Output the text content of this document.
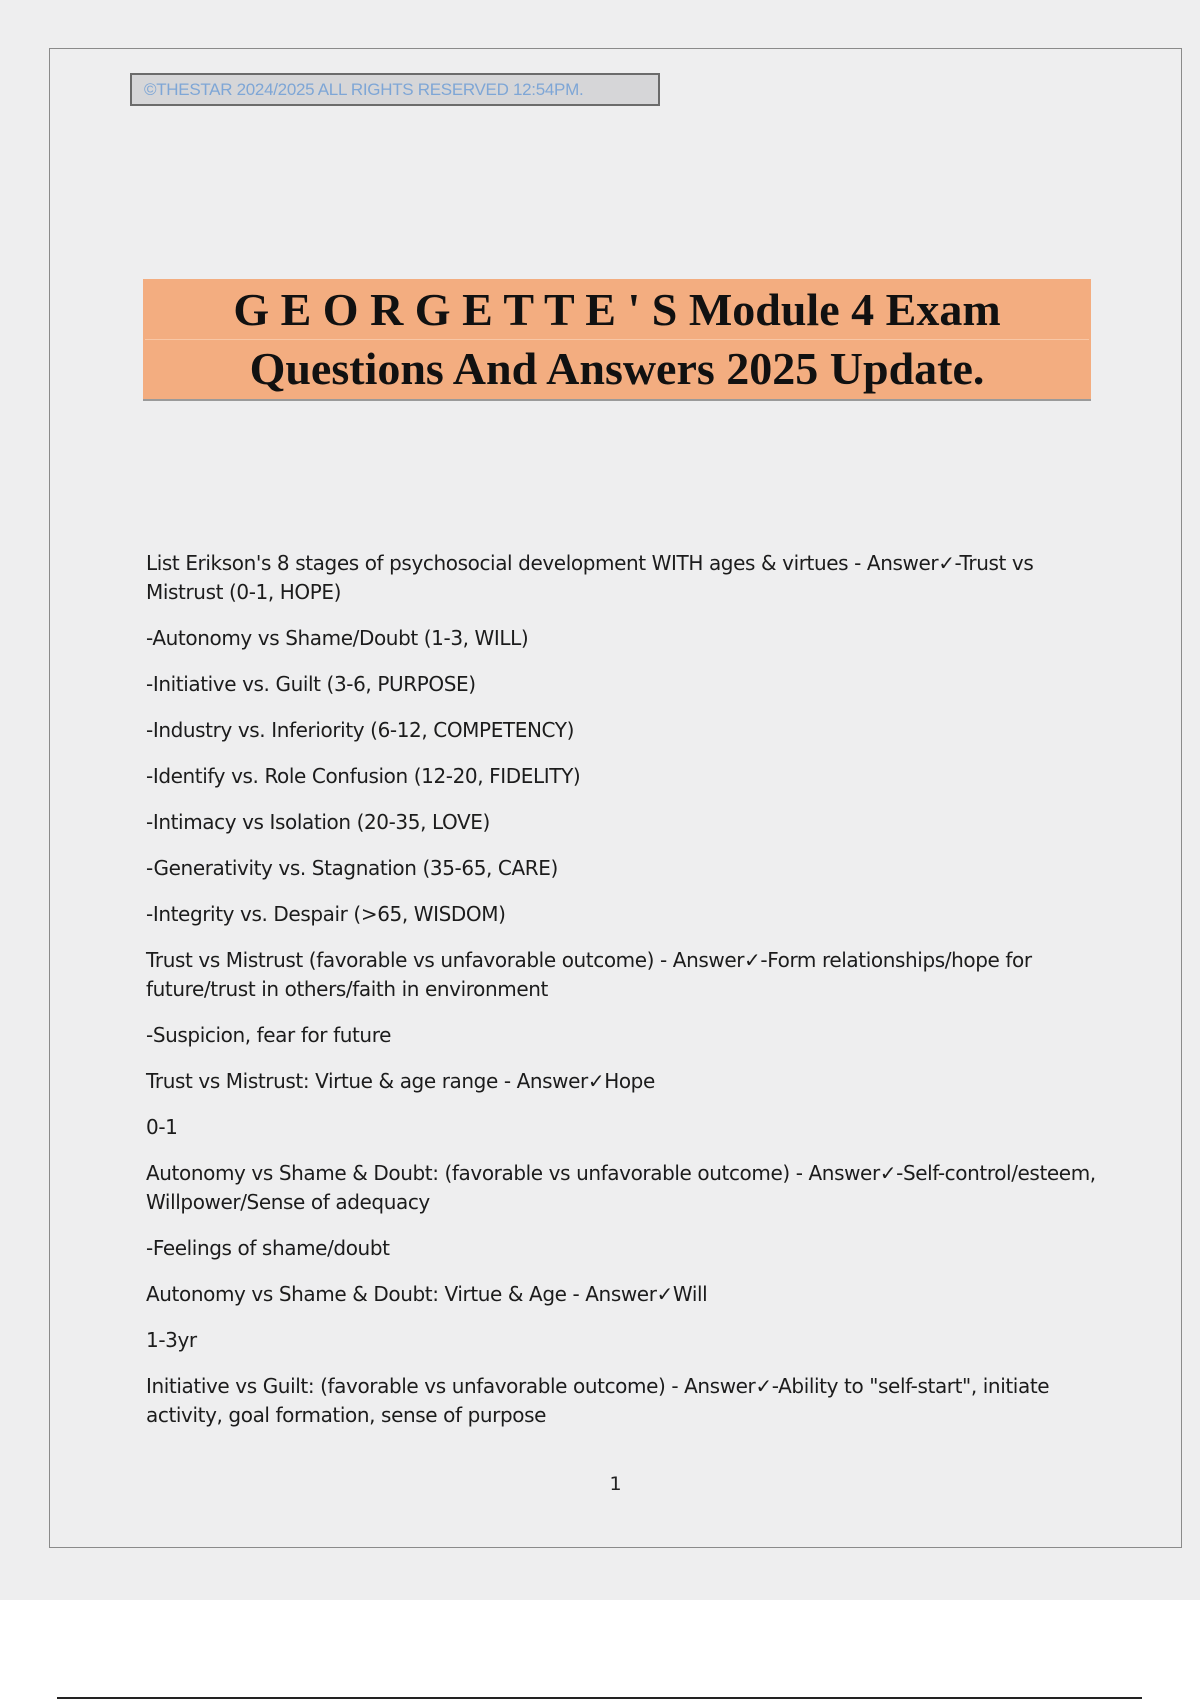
©THESTAR 2024/2025 ALL RIGHTS RESERVED 12:54PM.
G E O R G E T T E ' S Module 4 Exam
Questions And Answers 2025 Update.

List Erikson's 8 stages of psychosocial development WITH ages & virtues - Answer✓-Trust vs Mistrust (0-1, HOPE)

-Autonomy vs Shame/Doubt (1-3, WILL)

-Initiative vs. Guilt (3-6, PURPOSE)

-Industry vs. Inferiority (6-12, COMPETENCY)

-Identify vs. Role Confusion (12-20, FIDELITY)

-Intimacy vs Isolation (20-35, LOVE)

-Generativity vs. Stagnation (35-65, CARE)

-Integrity vs. Despair (>65, WISDOM)

Trust vs Mistrust (favorable vs unfavorable outcome) - Answer✓-Form relationships/hope for future/trust in others/faith in environment

-Suspicion, fear for future

Trust vs Mistrust: Virtue & age range - Answer✓Hope

0-1

Autonomy vs Shame & Doubt: (favorable vs unfavorable outcome) - Answer✓-Self-control/esteem, Willpower/Sense of adequacy

-Feelings of shame/doubt

Autonomy vs Shame & Doubt: Virtue & Age - Answer✓Will

1-3yr

Initiative vs Guilt: (favorable vs unfavorable outcome) - Answer✓-Ability to "self-start", initiate activity, goal formation, sense of purpose

1
